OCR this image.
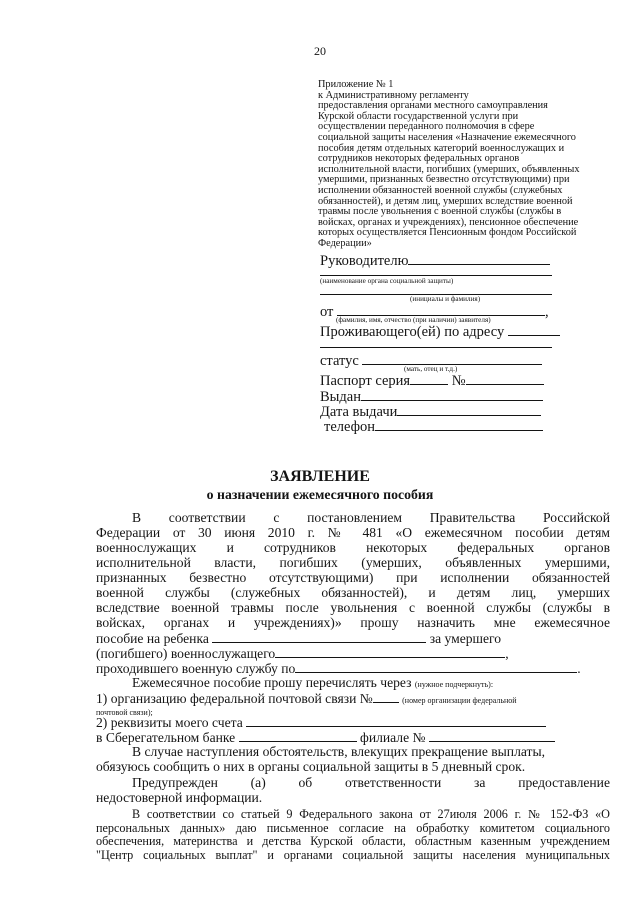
20
Приложение № 1
к Административному регламенту
предоставления органами местного самоуправления
Курской области государственной услуги при
осуществлении переданного полномочия в сфере
социальной защиты населения «Назначение ежемесячного
пособия детям отдельных категорий военнослужащих и
сотрудников некоторых федеральных органов
исполнительной власти, погибших (умерших, объявленных
умершими, признанных безвестно отсутствующими) при
исполнении обязанностей военной службы (служебных
обязанностей), и детям лиц, умерших вследствие военной
травмы после увольнения с военной службы (службы в
войсках, органах и учреждениях), пенсионное обеспечение
которых осуществляется Пенсионным фондом Российской
Федерации»
Руководителю
(наименование органа социальной защиты)
(инициалы и фамилия)
от	,
(фамилия, имя, отчество (при наличии) заявителя)
Проживающего(ей) по адресу
статус	(мать, отец и т.д.)
Паспорт серия	№
Выдан
Дата выдачи
телефон
ЗАЯВЛЕНИЕ
о назначении ежемесячного пособия
В соответствии с постановлением Правительства Российской
Федерации от 30 июня 2010 г. № 481 «О ежемесячном пособии детям
военнослужащих и сотрудников некоторых федеральных органов
исполнительной власти, погибших (умерших, объявленных умершими,
признанных безвестно отсутствующими) при исполнении обязанностей
военной службы (служебных обязанностей), и детям лиц, умерших
вследствие военной травмы после увольнения с военной службы (службы в
войсках, органах и учреждениях)» прошу назначить мне ежемесячное
пособие на ребенка	за умершего
(погибшего) военнослужащего	,
проходившего военную службу по	.
Ежемесячное пособие прошу перечислять через (нужное подчеркнуть):
1) организацию федеральной почтовой связи №	(номер организации федеральной
почтовой связи);
2) реквизиты моего счета
в Сберегательном банке	филиале №
В случае наступления обстоятельств, влекущих прекращение выплаты,
обязуюсь сообщить о них в органы социальной защиты в 5 дневный срок.
Предупрежден (а) об ответственности за предоставление
недостоверной информации.
В соответствии со статьей 9 Федерального закона от 27июля 2006 г. № 152-ФЗ «О
персональных данных» даю письменное согласие на обработку комитетом социального
обеспечения, материнства и детства Курской области, областным казенным учреждением
"Центр социальных выплат" и органами социальной защиты населения муниципальных
